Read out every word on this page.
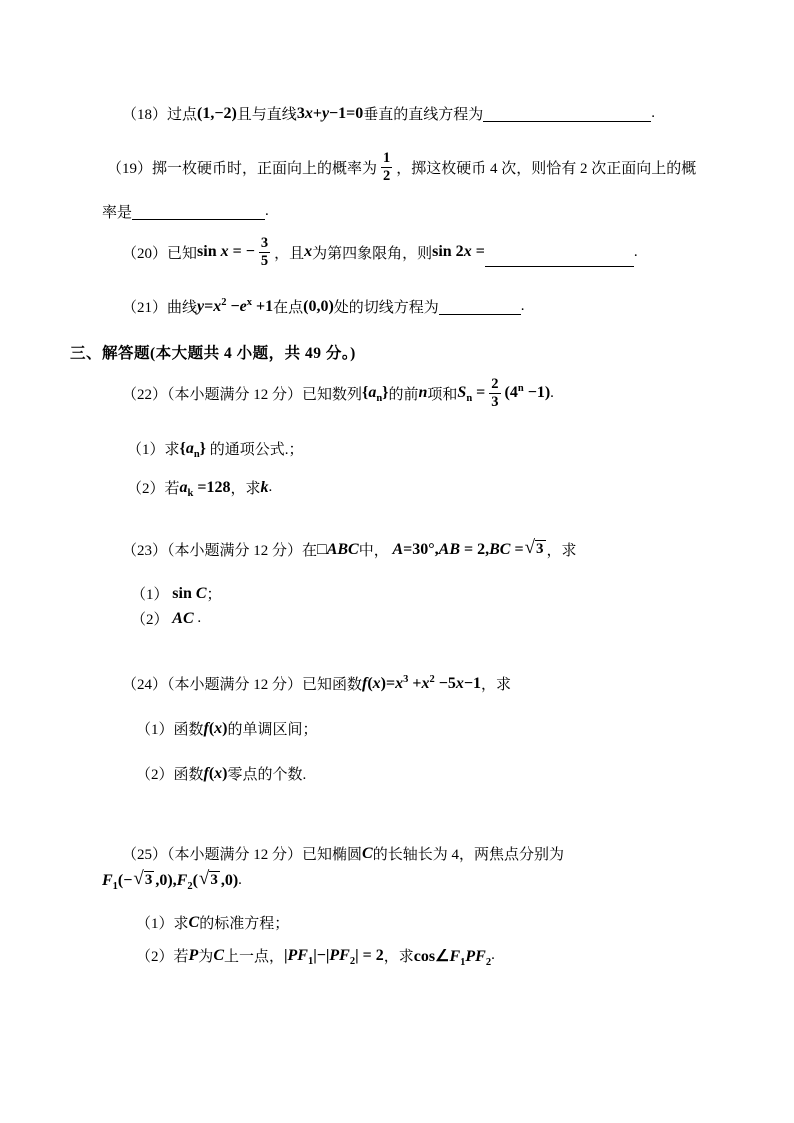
（18）过点 (1,−2) 且与直线 3x+y−1=0 垂直的直线方程为	.
（19）掷一枚硬币时，正面向上的概率为 $\frac{1}{2}$ ，掷这枚硬币 4 次，则恰有 2 次正面向上的概
率是	.
（20）已知 sin x = − $\frac{3}{5}$ ，且 x 为第四象限角，则 sin 2x =	.
（21）曲线 $y=x^2 -e^x +1$ 在点 (0,0) 处的切线方程为	.
三、解答题(本大题共 4 小题，共 49 分。)
（22）（本小题满分 12 分）已知数列 $\{a_n\}$ 的前 n 项和 $S_n = \frac{2}{3} (4^n -1)$ .
（1）求 $\{a_n\}$ 的通项公式.；
（2）若 $a_k =128$ ，求 k .
（23）（本小题满分 12 分）在 □ABC 中， A=30°,AB = 2,BC = √ 3 ，求
（1） sin C ；
（2） AC .
（24）（本小题满分 12 分）已知函数 $f(x)=x^3 +x^2 -5x-1$ ，求
（1）函数 f(x) 的单调区间；
（2）函数 f(x) 零点的个数.
（25）（本小题满分 12 分）已知椭圆 C 的长轴长为 4，两焦点分别为
$F_1(-$ √ 3 $,0),F_2$( √ 3 ,0) .
（1）求 C 的标准方程；
（2）若 P 为 C 上一点， $|PF_1|-|PF_2| = 2$ ，求 $\cos\angle F_1PF_2$ .
